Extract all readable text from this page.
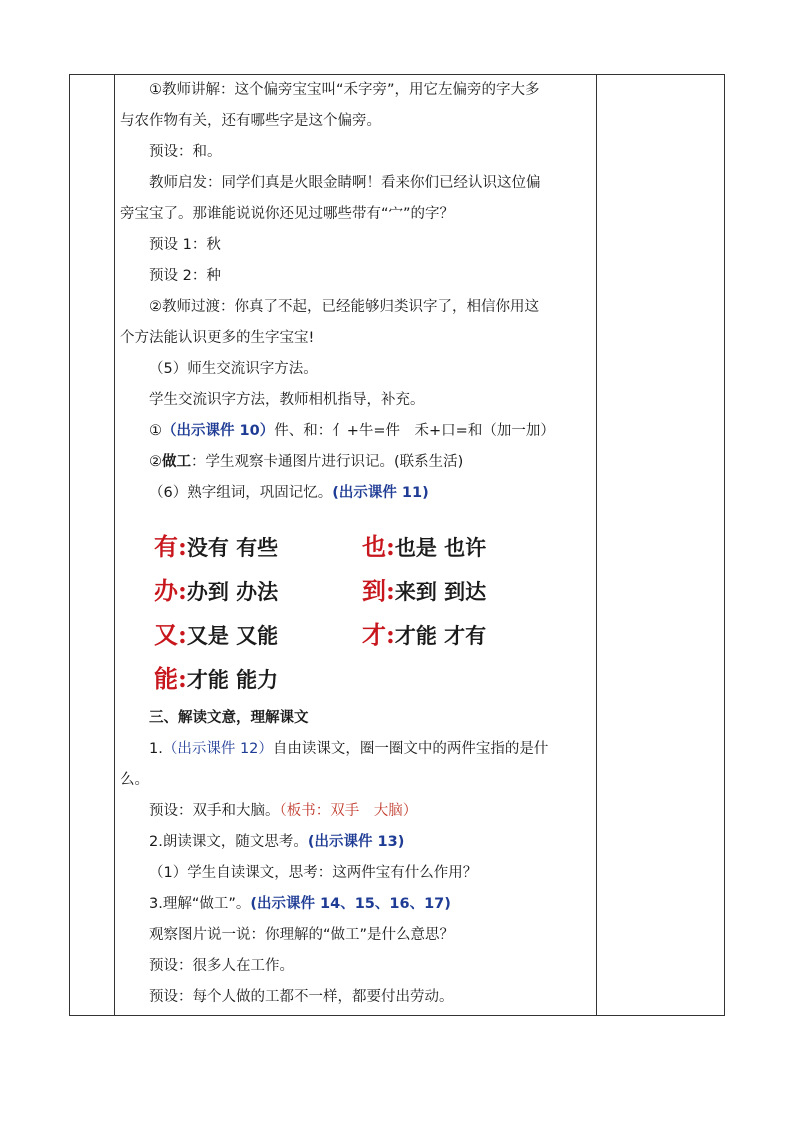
①教师讲解：这个偏旁宝宝叫“禾字旁”，用它左偏旁的字大多
与农作物有关，还有哪些字是这个偏旁。
预设：和。
教师启发：同学们真是火眼金睛啊！看来你们已经认识这位偏
旁宝宝了。那谁能说说你还见过哪些带有“宀”的字？
预设 1：秋
预设 2：种
②教师过渡：你真了不起，已经能够归类识字了，相信你用这
个方法能认识更多的生字宝宝!
（5）师生交流识字方法。
学生交流识字方法，教师相机指导，补充。
①（出示课件 10）件、和：亻+牛=件　禾+口=和（加一加）
②做工：学生观察卡通图片进行识记。(联系生活)
（6）熟字组词，巩固记忆。(出示课件 11)
有:没有 有些	也:也是 也许
办:办到 办法	到:来到 到达
又:又是 又能	才:才能 才有
能:才能 能力
三、解读文意，理解课文
1.（出示课件 12）自由读课文，圈一圈文中的两件宝指的是什
么。
预设：双手和大脑。（板书：双手　大脑）
2.朗读课文，随文思考。(出示课件 13)
（1）学生自读课文，思考：这两件宝有什么作用？
3.理解“做工”。(出示课件 14、15、16、17)
观察图片说一说：你理解的“做工”是什么意思？
预设：很多人在工作。
预设：每个人做的工都不一样，都要付出劳动。
